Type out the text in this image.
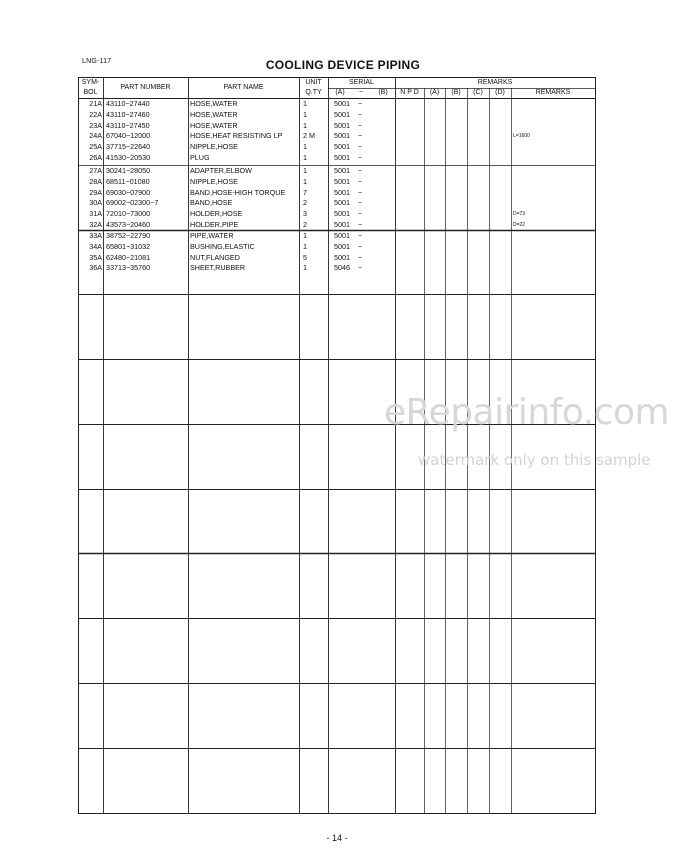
LNG-117	COOLING DEVICE PIPING
SYM-
BOL
PART NUMBER	PART NAME
UNIT
Q.TY
SERIAL
(A)	~	(B)
REMARKS
N P D	(A)	(B)	(C)	(D)	REMARKS
21A 43110−27440	HOSE,WATER	1	5001	~
22A 43110−27460	HOSE,WATER	1	5001	~
23A 43110−27450	HOSE,WATER	1	5001	~
24A 67040−12000	HOSE,HEAT RESISTING LP	2 M	5001	~	L=1600
25A 37715−22640	NIPPLE,HOSE	1	5001	~
26A 41530−20530	PLUG	1	5001	~
27A 30241−28050	ADAPTER,ELBOW	1	5001	~
28A 68511−01080	NIPPLE,HOSE	1	5001	~
29A 69030−07900	BAND,HOSE-HIGH TORQUE	7	5001	~
30A 69002−02300−7	BAND,HOSE	2	5001	~
31A 72010−73000	HOLDER,HOSE	3	5001	~	D=73
32A 43573−20460	HOLDER,PIPE	2	5001	~	D=22
33A 38752−22790	PIPE,WATER	1	5001	~
34A 65801−31032	BUSHING,ELASTIC	1	5001	~
35A 62480−21081	NUT,FLANGED	5	5001	~
36A 33713−35760	SHEET,RUBBER	1	5046	~
eRepairinfo.com
watermark only on this sample
- 14 -
